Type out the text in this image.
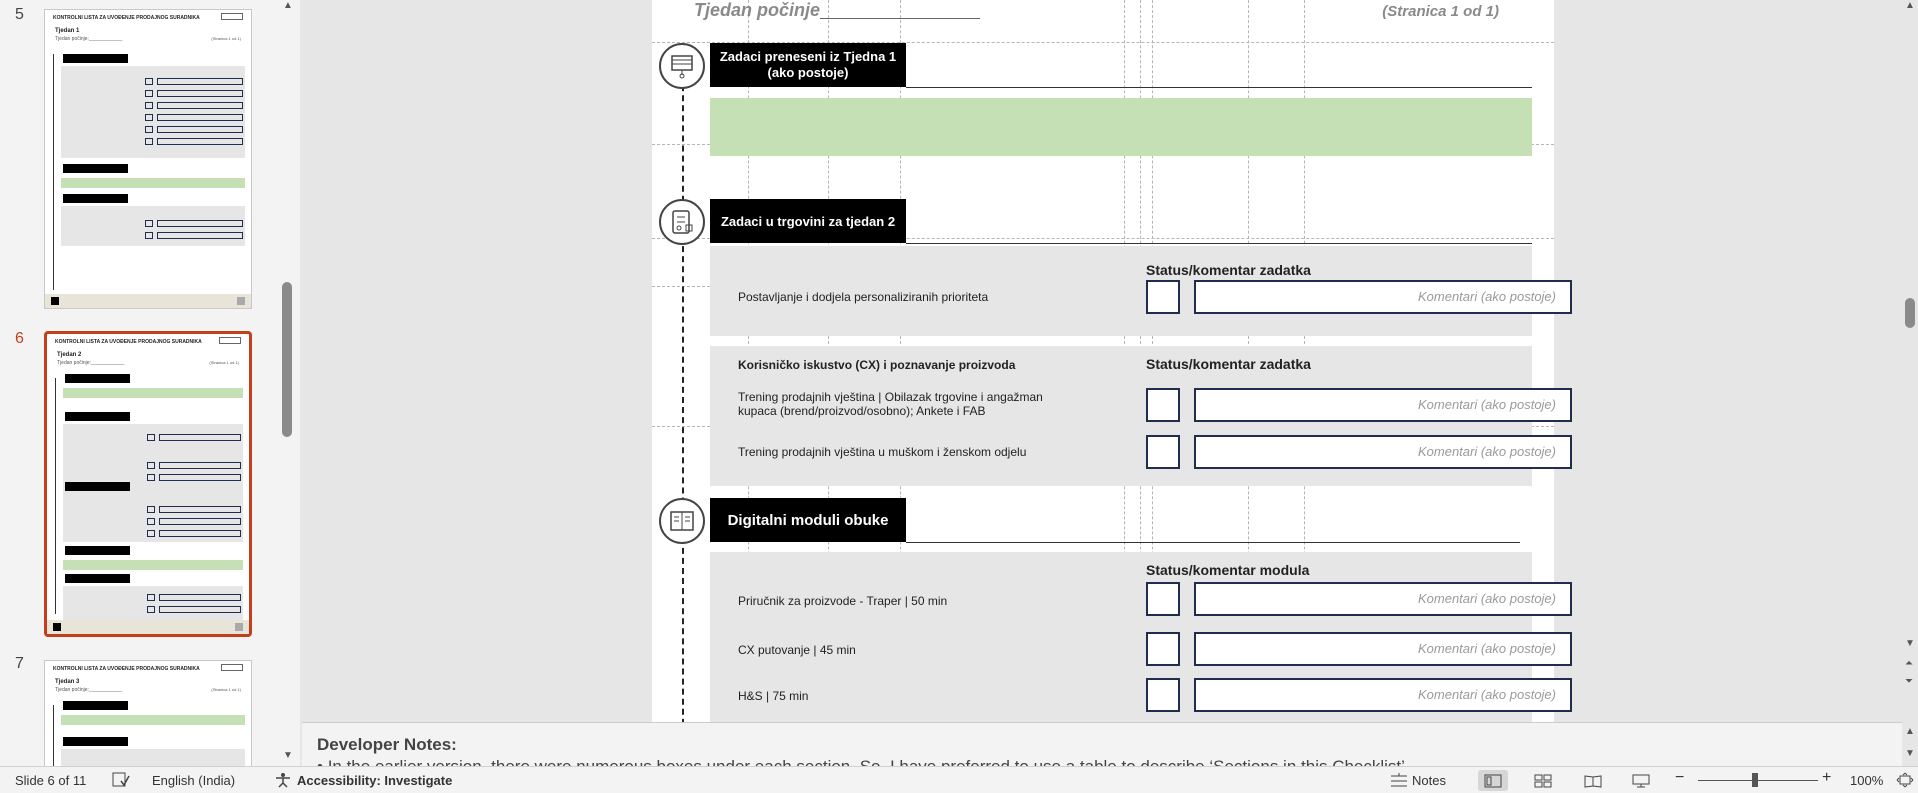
5	KONTROLNI LISTA ZA UVOĐENJE PRODAJNOG SURADNIKA
Tjedan 1
Tjedan počinje:____________	(Stranica 1 od 1)
6	KONTROLNI LISTA ZA UVOĐENJE PRODAJNOG SURADNIKA
Tjedan 2
Tjedan počinje:____________	(Stranica 1 od 1)
7	KONTROLNI LISTA ZA UVOĐENJE PRODAJNOG SURADNIKA
Tjedan 3
Tjedan počinje:____________	(Stranica 1 od 1)
▲
▼
Tjedan počinje	(Stranica 1 od 1)
Zadaci preneseni iz Tjedna 1 (ako postoje)
Zadaci u trgovini za tjedan 2
Status/komentar zadatka
Postavljanje i dodjela personaliziranih prioriteta	Komentari (ako postoje)
Korisničko iskustvo (CX) i poznavanje proizvoda	Status/komentar zadatka
Trening prodajnih vještina | Obilazak trgovine i angažman kupaca (brend/proizvod/osobno); Ankete i FAB	Komentari (ako postoje)
Trening prodajnih vještina u muškom i ženskom odjelu	Komentari (ako postoje)
Digitalni moduli obuke
Status/komentar modula
Priručnik za proizvode - Traper | 50 min	Komentari (ako postoje)
CX putovanje | 45 min	Komentari (ako postoje)
H&S | 75 min	Komentari (ako postoje)
▲
▼
⏶
⏷
▲
▼
Developer Notes:
Slide 6 of 11	English (India)	Accessibility: Investigate	Notes	−	+ 100%
